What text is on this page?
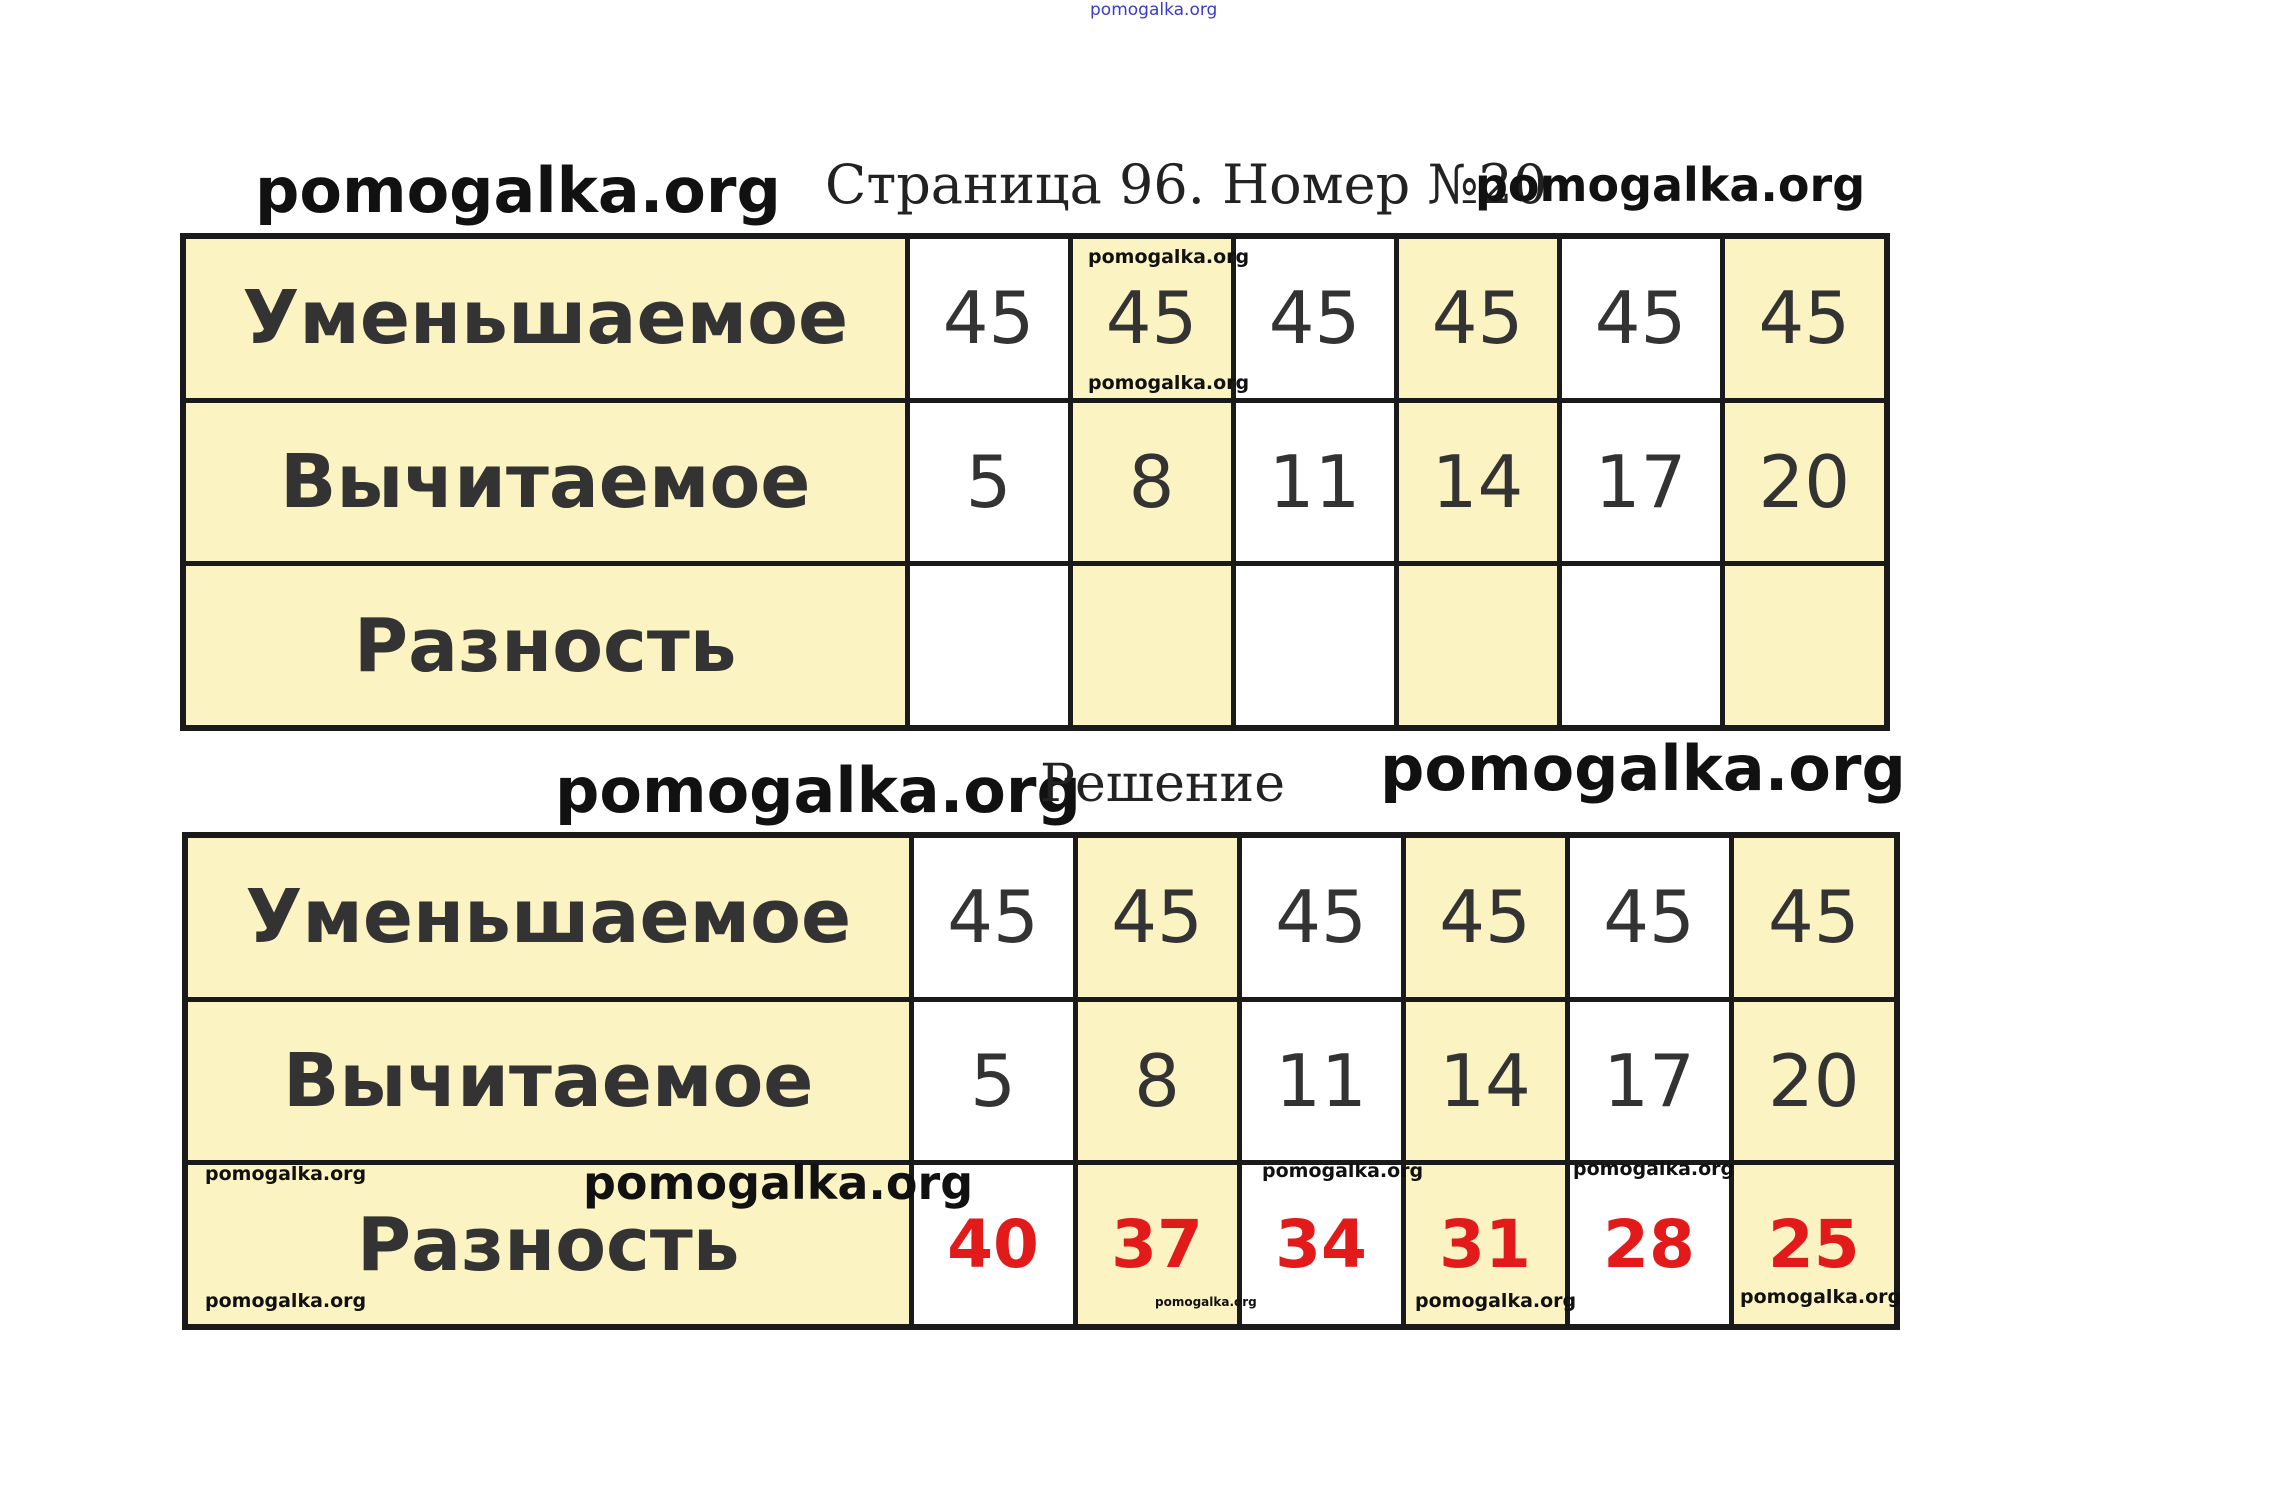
pomogalka.org
pomogalka.org Страница 96. Номер №20
pomogalka.org
Уменьшаемое	45	45	45	45	45	45
Вычитаемое	5	8	11	14	17	20
Разность						
pomogalka.org
pomogalka.org
pomogalka.org
Решение pomogalka.org
Уменьшаемое	45	45	45	45	45	45
Вычитаемое	5	8	11	14	17	20
Разность	40	37	34	31	28	25
pomogalka.org	pomogalka.org
pomogalka.org	pomogalka.org
pomogalka.org
pomogalka.org
pomogalka.org
pomogalka.org
